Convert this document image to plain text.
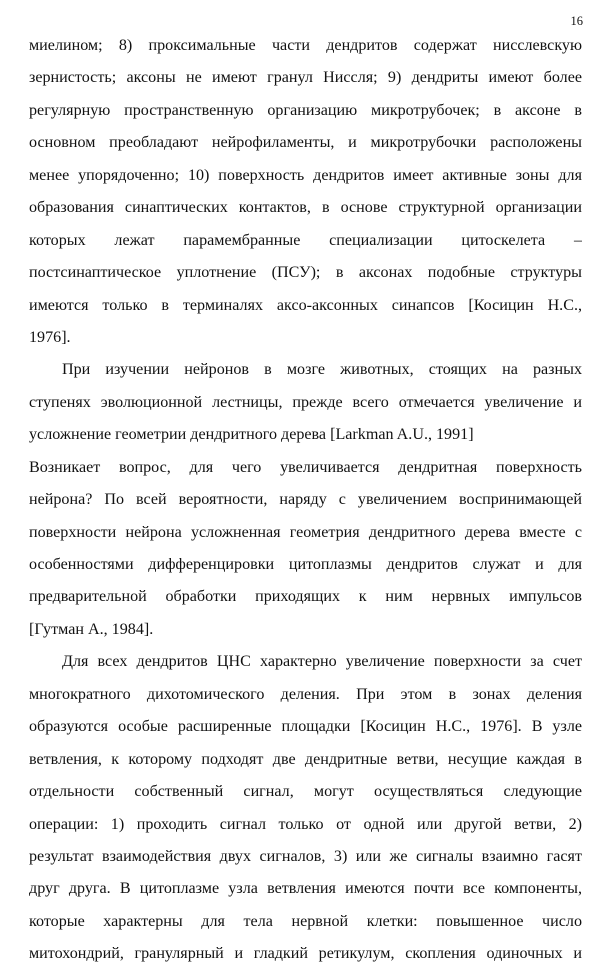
16
миелином; 8) проксимальные части дендритов содержат нисслевскую
зернистость; аксоны не имеют гранул Ниссля; 9) дендриты имеют более
регулярную пространственную организацию микротрубочек; в аксоне в
основном преобладают нейрофиламенты, и микротрубочки расположены
менее упорядоченно; 10) поверхность дендритов имеет активные зоны для
образования синаптических контактов, в основе структурной организации
которых лежат парамембранные специализации цитоскелета –
постсинаптическое уплотнение (ПСУ); в аксонах подобные структуры
имеются только в терминалях аксо-аксонных синапсов [Косицин Н.С.,
1976].
При изучении нейронов в мозге животных, стоящих на разных
ступенях эволюционной лестницы, прежде всего отмечается увеличение и
усложнение геометрии дендритного дерева [Larkman A.U., 1991]
Возникает вопрос, для чего увеличивается дендритная поверхность
нейрона? По всей вероятности, наряду с увеличением воспринимающей
поверхности нейрона усложненная геометрия дендритного дерева вместе с
особенностями дифференцировки цитоплазмы дендритов служат и для
предварительной обработки приходящих к ним нервных импульсов
[Гутман А., 1984].
Для всех дендритов ЦНС характерно увеличение поверхности за счет
многократного дихотомического деления. При этом в зонах деления
образуются особые расширенные площадки [Косицин Н.С., 1976]. В узле
ветвления, к которому подходят две дендритные ветви, несущие каждая в
отдельности собственный сигнал, могут осуществляться следующие
операции: 1) проходить сигнал только от одной или другой ветви, 2)
результат взаимодействия двух сигналов, 3) или же сигналы взаимно гасят
друг друга. В цитоплазме узла ветвления имеются почти все компоненты,
которые характерны для тела нервной клетки: повышенное число
митохондрий, гранулярный и гладкий ретикулум, скопления одиночных и
